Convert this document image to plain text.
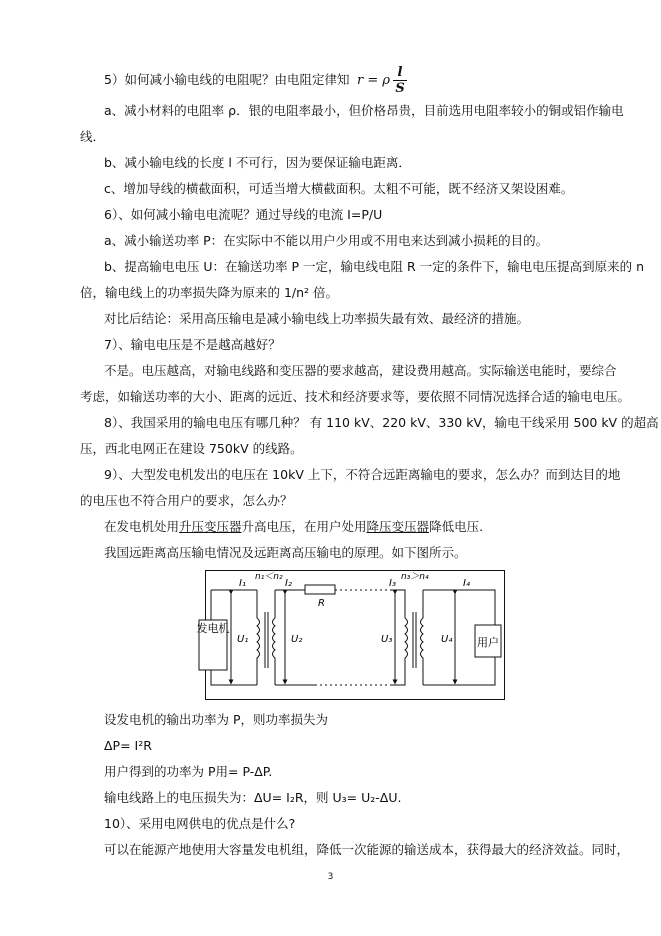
5）如何减小输电线的电阻呢？由电阻定律知 r = ρ $\frac{l}{S}$
a、减小材料的电阻率 ρ．银的电阻率最小，但价格昂贵，目前选用电阻率较小的铜或铝作输电
线．
b、减小输电线的长度 l 不可行，因为要保证输电距离．
c、增加导线的横截面积，可适当增大横截面积。太粗不可能，既不经济又架设困难。
6）、如何减小输电电流呢？通过导线的电流 I=P/U
a、减小输送功率 P：在实际中不能以用户少用或不用电来达到减小损耗的目的。
b、提高输电电压 U：在输送功率 P 一定，输电线电阻 R 一定的条件下，输电电压提高到原来的 n
倍，输电线上的功率损失降为原来的 1/n² 倍。
对比后结论：采用高压输电是减小输电线上功率损失最有效、最经济的措施。
7）、输电电压是不是越高越好？
不是。电压越高，对输电线路和变压器的要求越高，建设费用越高。实际输送电能时，要综合
考虑，如输送功率的大小、距离的远近、技术和经济要求等，要依照不同情况选择合适的输电电压。
8）、我国采用的输电电压有哪几种？ 有 110 kV、220 kV、330 kV，输电干线采用 500 kV 的超高
压，西北电网正在建设 750kV 的线路。
9）、大型发电机发出的电压在 10kV 上下，不符合远距离输电的要求，怎么办？而到达目的地
的电压也不符合用户的要求，怎么办？
在发电机处用升压变压器升高电压，在用户处用降压变压器降低电压.
我国远距离高压输电情况及远距离高压输电的原理。如下图所示。
发电机
U₁
I₁
n₁＜n₂
R
U₂
I₂
U₃
I₃
n₃＞n₄
U₄
I₄
用户
设发电机的输出功率为 P，则功率损失为
ΔP= I²R
用户得到的功率为 P用= P-ΔP.
输电线路上的电压损失为：ΔU= I₂R，则 U₃= U₂-ΔU.
10）、采用电网供电的优点是什么?
可以在能源产地使用大容量发电机组，降低一次能源的输送成本，获得最大的经济效益。同时，
3
